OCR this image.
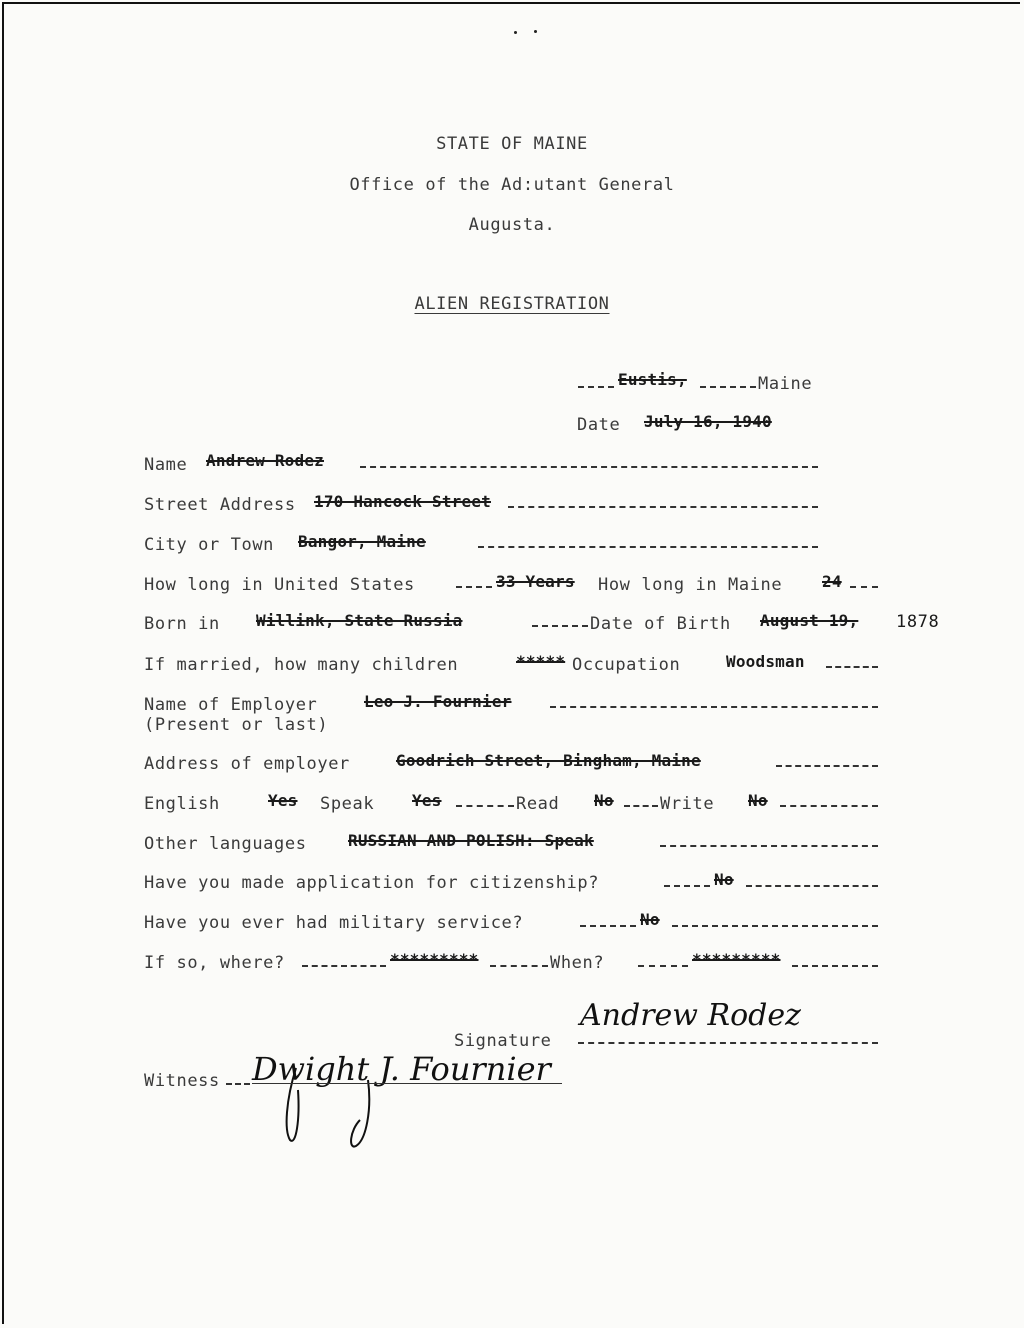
STATE OF MAINE
Office of the Ad:utant General
Augusta.
ALIEN REGISTRATION
Eustis,	Maine
Date July 16, 1940
Name Andrew Rodez
Street Address 170 Hancock Street
City or Town Bangor, Maine
How long in United States	33 Years How long in Maine 24
Born in Willink, State Russia	Date of Birth August 19, 1878
If married, how many children	***** Occupation	Woodsman
Name of Employer
(Present or last)
Leo J. Fournier
Address of employer	Goodrich Street, Bingham, Maine
English	Yes Speak Yes	Read No	Write No
Other languages	RUSSIAN AND POLISH: Speak
Have you made application for citizenship?	No
Have you ever had military service?	No
If so, where?	*********	When?	*********
Signature
Andrew Rodez
Witness Dwight J. Fournier
